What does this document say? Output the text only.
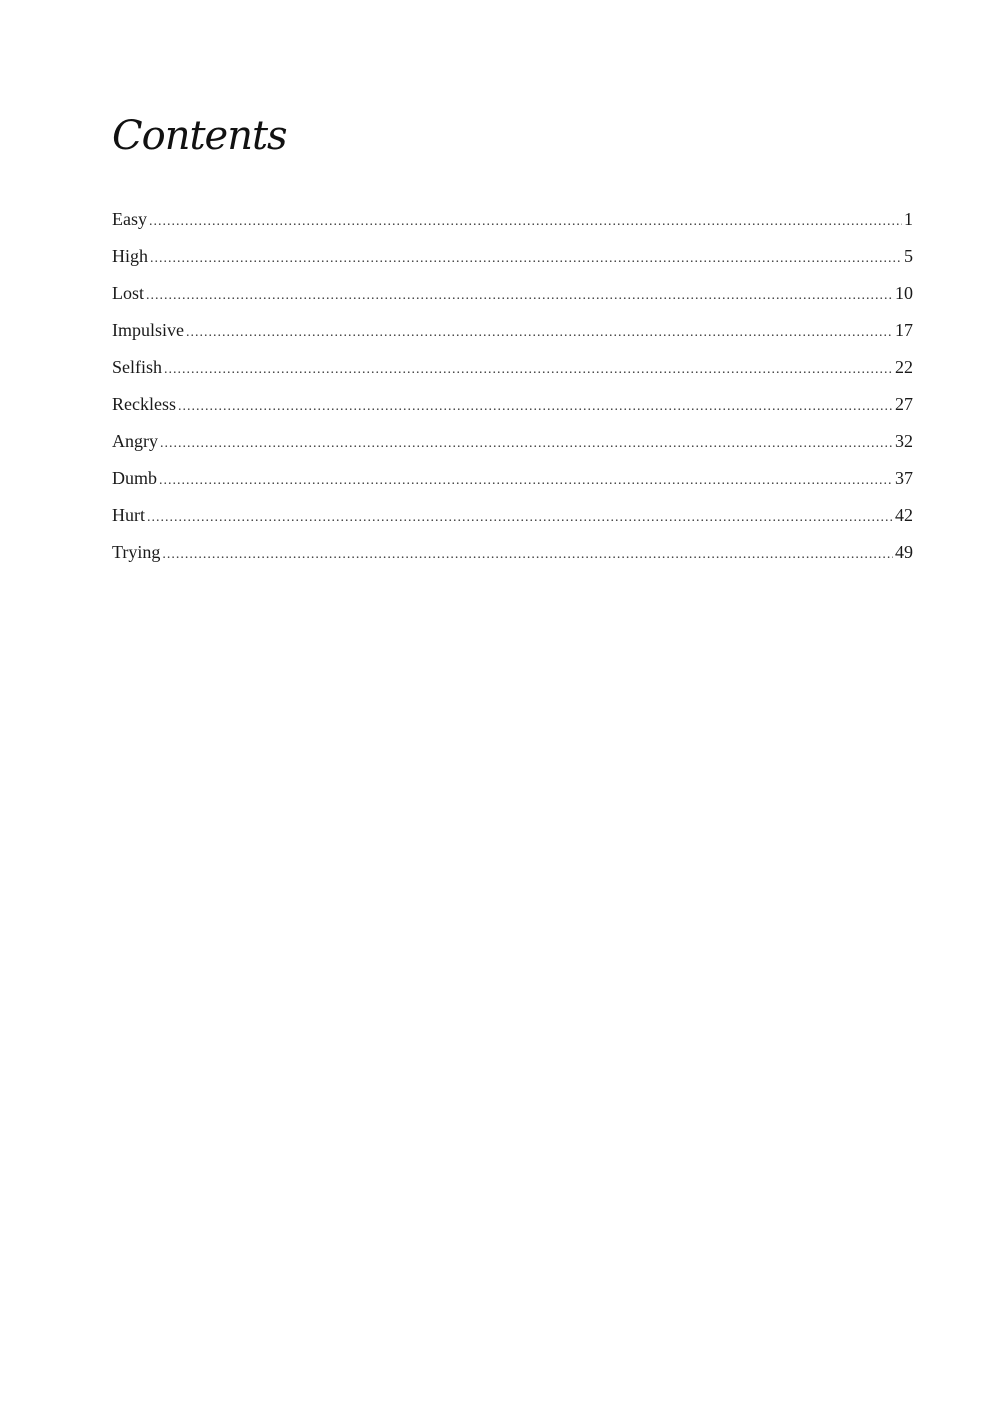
Contents
Easy .....	1
High .....	5
Lost .....	10
Impulsive .....	17
Selfish .....	22
Reckless .....	27
Angry .....	32
Dumb .....	37
Hurt .....	42
Trying .....	49
